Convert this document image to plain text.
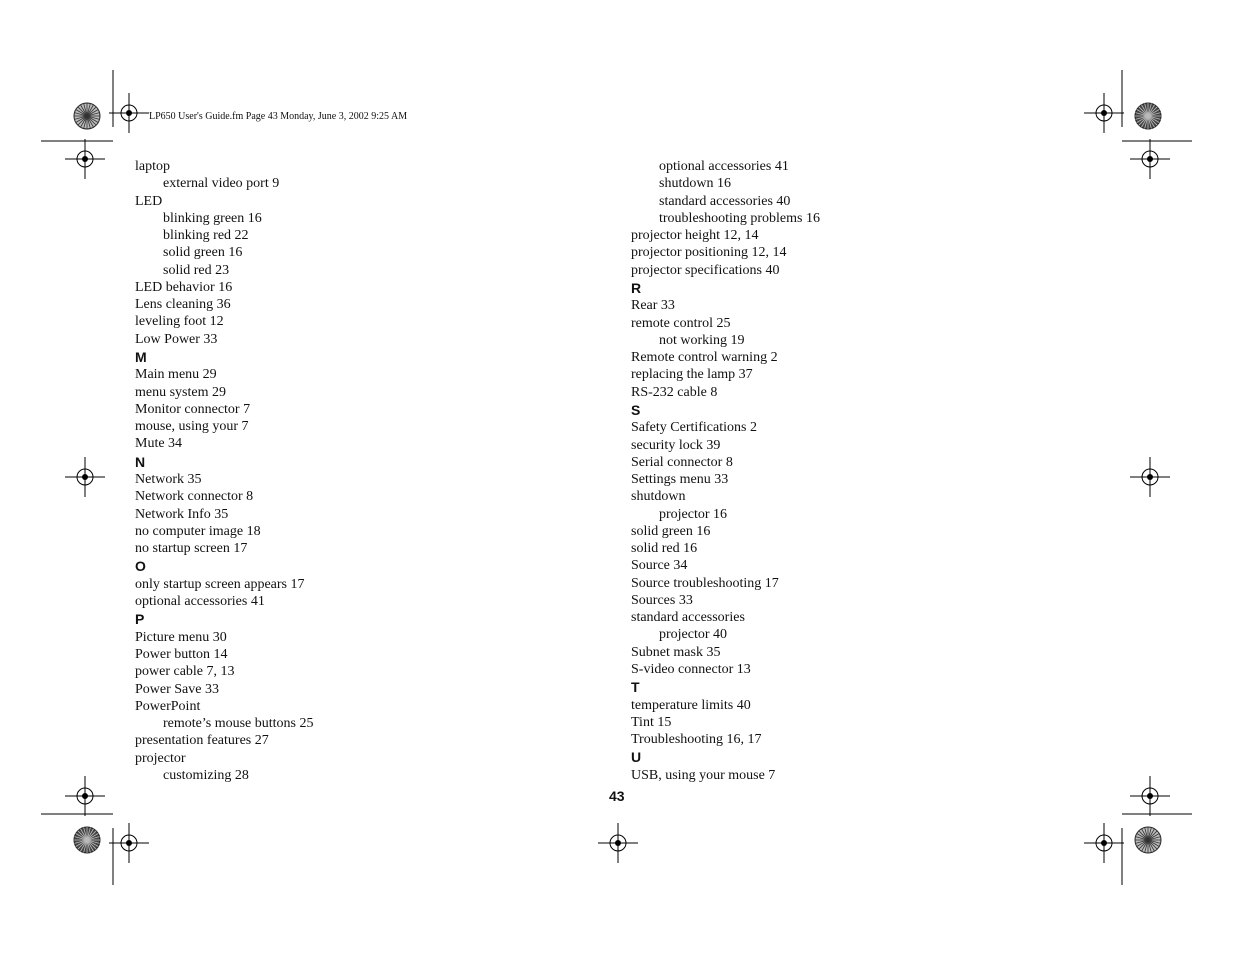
LP650 User's Guide.fm Page 43 Monday, June 3, 2002 9:25 AM
laptop
external video port 9
LED
blinking green 16
blinking red 22
solid green 16
solid red 23
LED behavior 16
Lens cleaning 36
leveling foot 12
Low Power 33
M
Main menu 29
menu system 29
Monitor connector 7
mouse, using your 7
Mute 34
N
Network 35
Network connector 8
Network Info 35
no computer image 18
no startup screen 17
O
only startup screen appears 17
optional accessories 41
P
Picture menu 30
Power button 14
power cable 7, 13
Power Save 33
PowerPoint
remote’s mouse buttons 25
presentation features 27
projector
customizing 28
optional accessories 41
shutdown 16
standard accessories 40
troubleshooting problems 16
projector height 12, 14
projector positioning 12, 14
projector specifications 40
R
Rear 33
remote control 25
not working 19
Remote control warning 2
replacing the lamp 37
RS-232 cable 8
S
Safety Certifications 2
security lock 39
Serial connector 8
Settings menu 33
shutdown
projector 16
solid green 16
solid red 16
Source 34
Source troubleshooting 17
Sources 33
standard accessories
projector 40
Subnet mask 35
S-video connector 13
T
temperature limits 40
Tint 15
Troubleshooting 16, 17
U
USB, using your mouse 7
43
